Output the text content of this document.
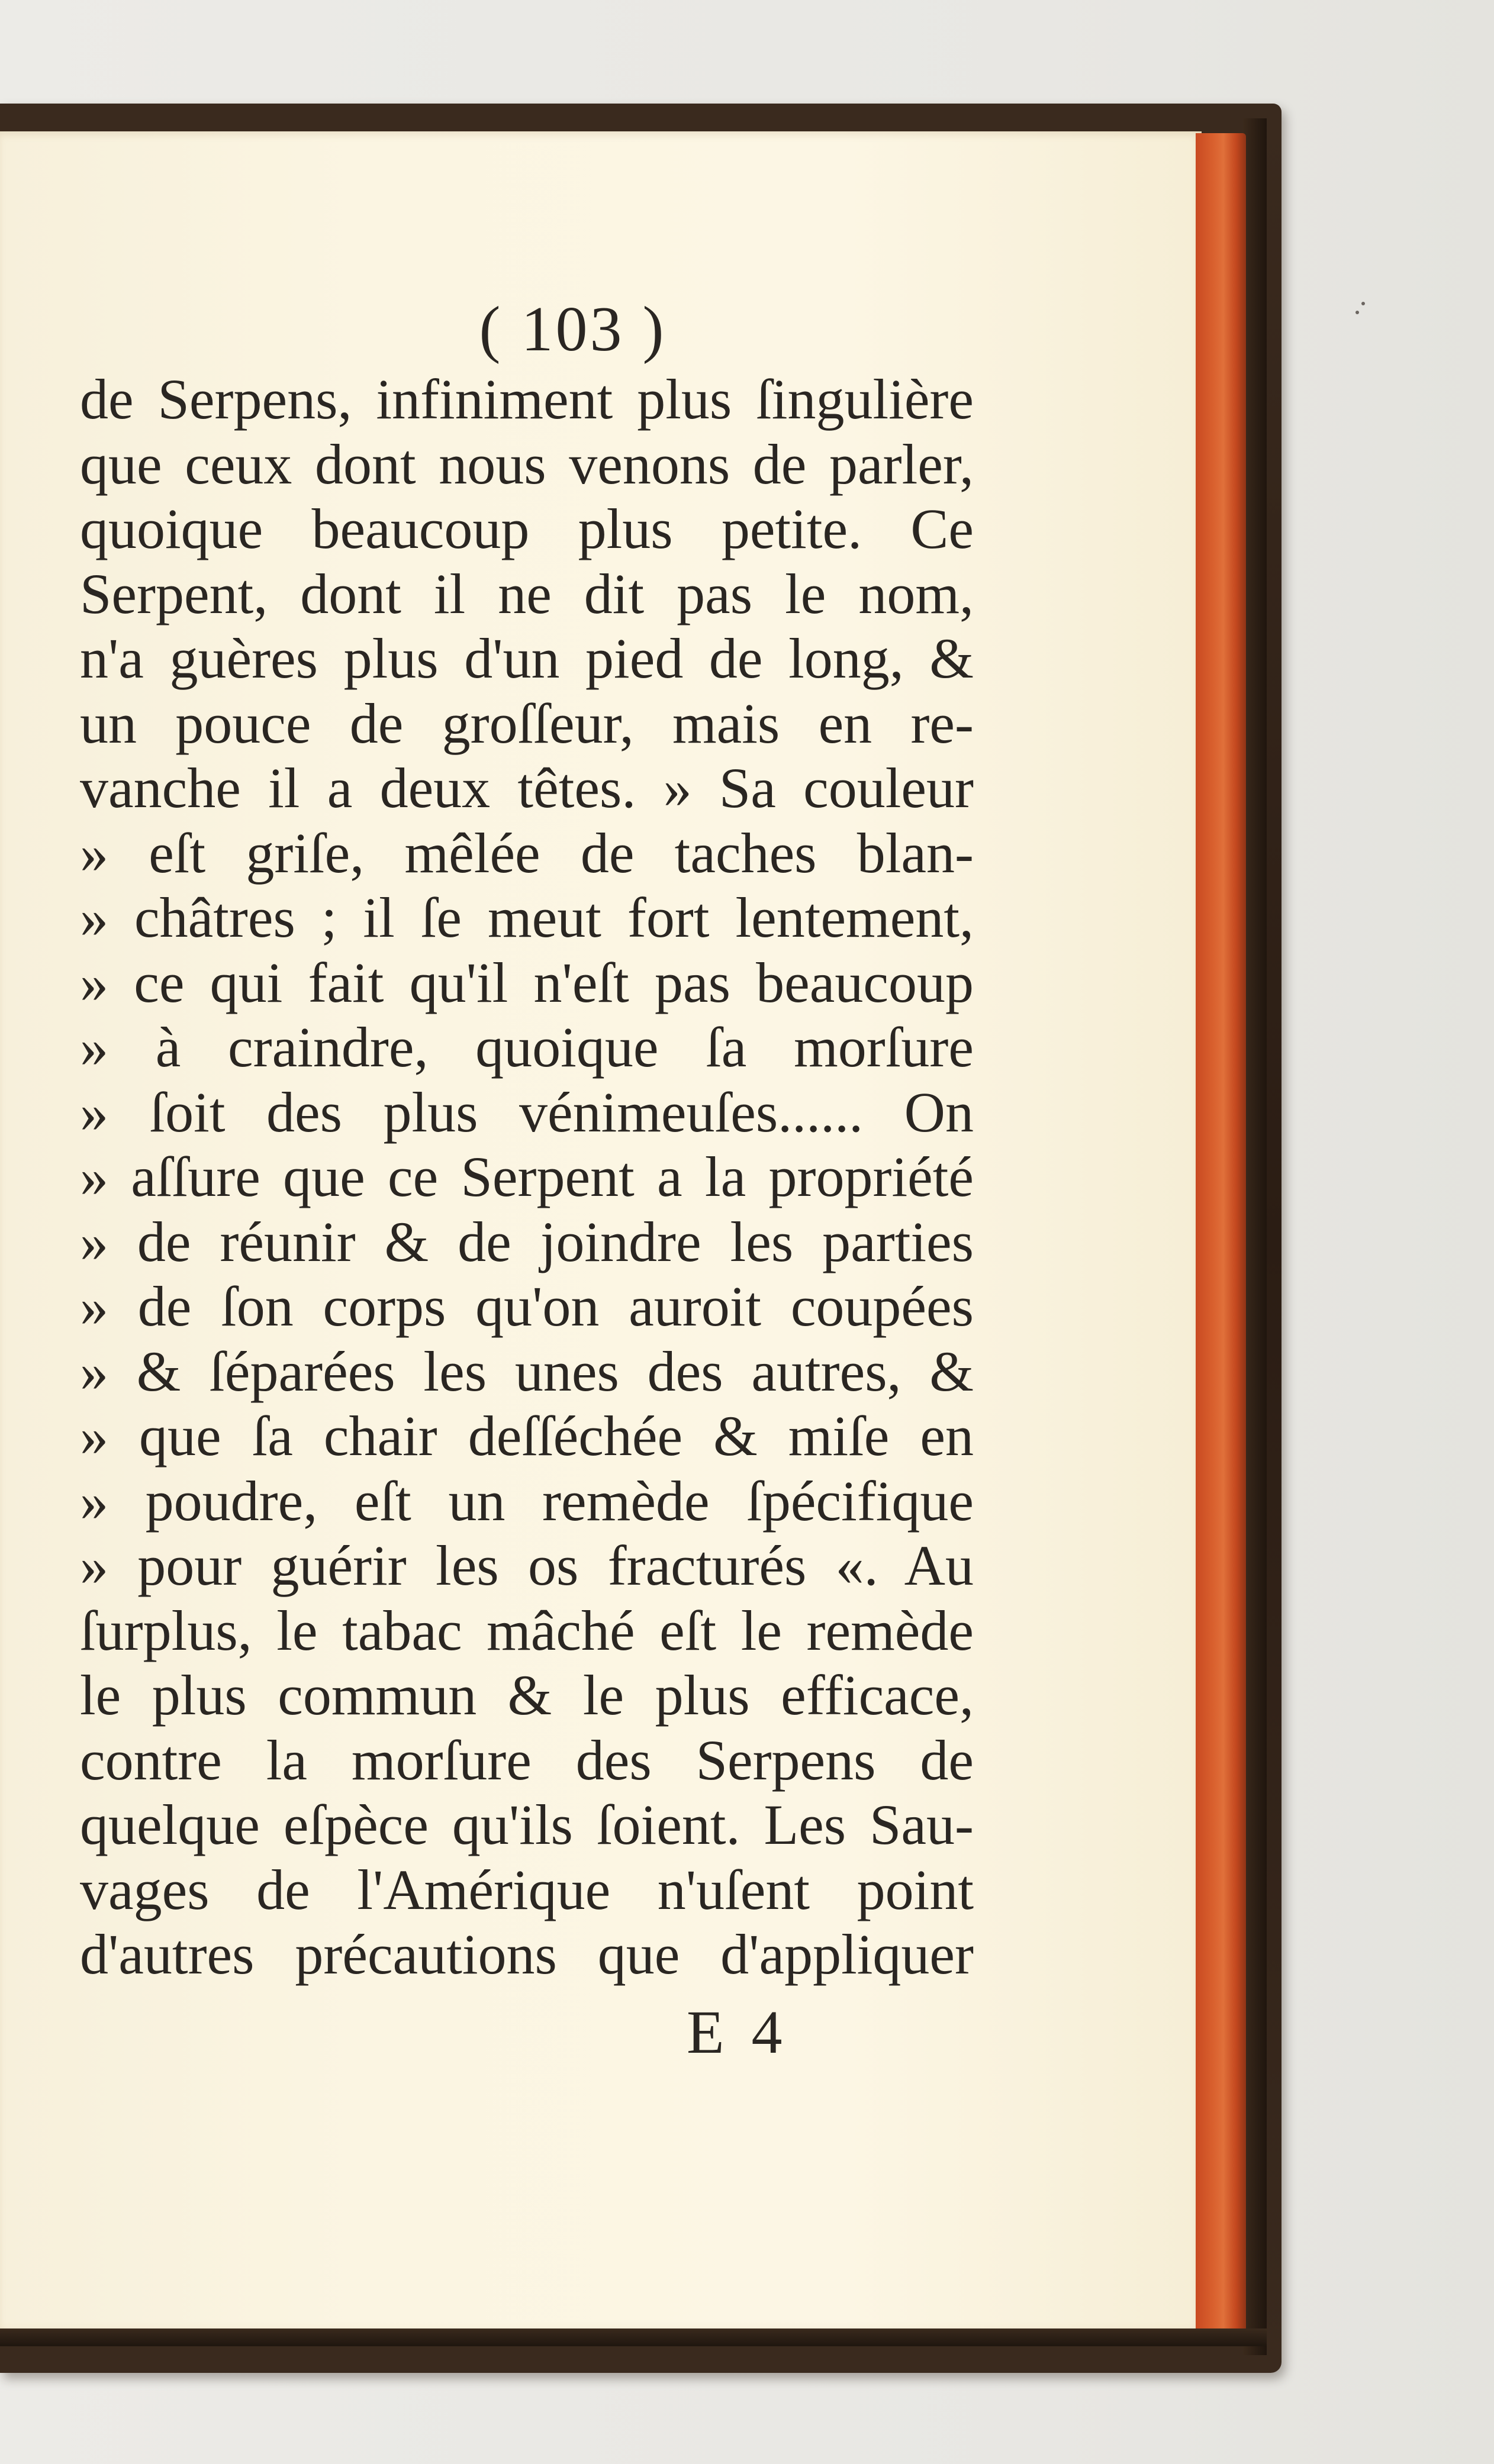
( 103 )
de Serpens, infiniment plus ſingulière
que ceux dont nous venons de parler,
quoique beaucoup plus petite. Ce
Serpent, dont il ne dit pas le nom,
n'a guères plus d'un pied de long, &
un pouce de groſſeur, mais en re-
vanche il a deux têtes. » Sa couleur
» eſt griſe, mêlée de taches blan-
» châtres ; il ſe meut fort lentement,
» ce qui fait qu'il n'eſt pas beaucoup
» à craindre, quoique ſa morſure
» ſoit des plus vénimeuſes...... On
» aſſure que ce Serpent a la propriété
» de réunir & de joindre les parties
» de ſon corps qu'on auroit coupées
» & ſéparées les unes des autres, &
» que ſa chair deſſéchée & miſe en
» poudre, eſt un remède ſpécifique
» pour guérir les os fracturés «. Au
ſurplus, le tabac mâché eſt le remède
le plus commun & le plus efficace,
contre la morſure des Serpens de
quelque eſpèce qu'ils ſoient. Les Sau-
vages de l'Amérique n'uſent point
d'autres précautions que d'appliquer
E 4
